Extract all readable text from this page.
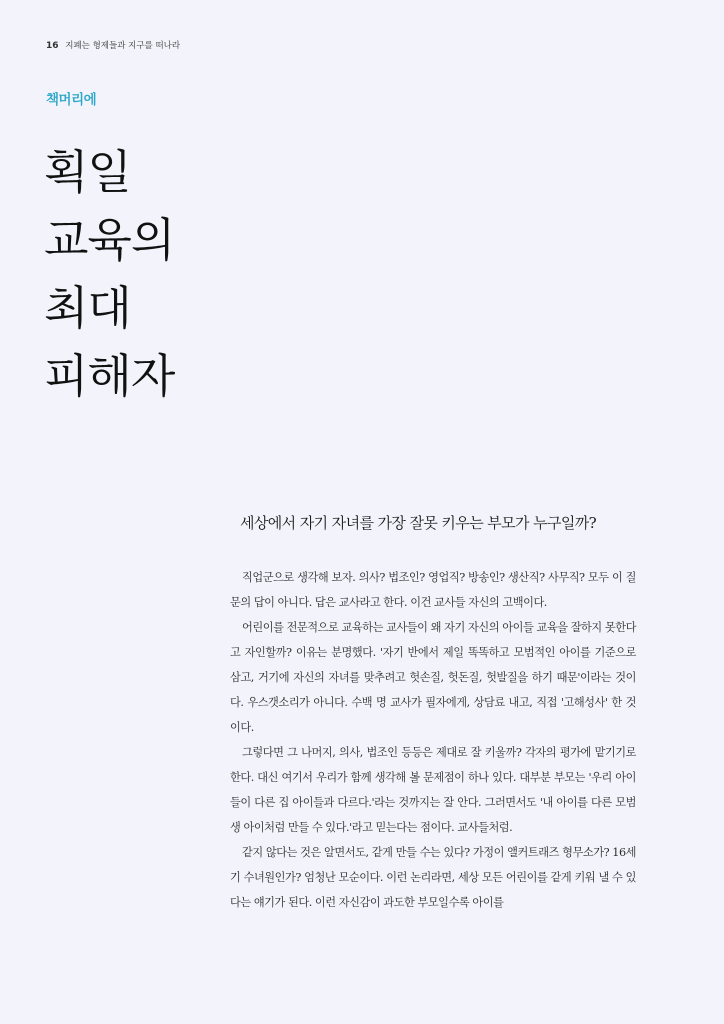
16 지폐는 형제들과 지구를 떠나라
책머리에
획일
교육의
최대
피해자
세상에서 자기 자녀를 가장 잘못 키우는 부모가 누구일까?

직업군으로 생각해 보자. 의사? 법조인? 영업직? 방송인? 생산직? 사무직? 모두 이 질문의 답이 아니다. 답은 교사라고 한다. 이건 교사들 자신의 고백이다.

어린이를 전문적으로 교육하는 교사들이 왜 자기 자신의 아이들 교육을 잘하지 못한다고 자인할까? 이유는 분명했다. '자기 반에서 제일 똑똑하고 모범적인 아이를 기준으로 삼고, 거기에 자신의 자녀를 맞추려고 헛손질, 헛돈질, 헛발질을 하기 때문'이라는 것이다. 우스갯소리가 아니다. 수백 명 교사가 필자에게, 상담료 내고, 직접 '고해성사' 한 것이다.

그렇다면 그 나머지, 의사, 법조인 등등은 제대로 잘 키울까? 각자의 평가에 맡기기로 한다. 대신 여기서 우리가 함께 생각해 볼 문제점이 하나 있다. 대부분 부모는 '우리 아이들이 다른 집 아이들과 다르다.'라는 것까지는 잘 안다. 그러면서도 '내 아이를 다른 모범생 아이처럼 만들 수 있다.'라고 믿는다는 점이다. 교사들처럼.

같지 않다는 것은 알면서도, 같게 만들 수는 있다? 가정이 앨커트래즈 형무소가? 16세기 수녀원인가? 엄청난 모순이다. 이런 논리라면, 세상 모든 어린이를 같게 키워 낼 수 있다는 얘기가 된다. 이런 자신감이 과도한 부모일수록 아이를
